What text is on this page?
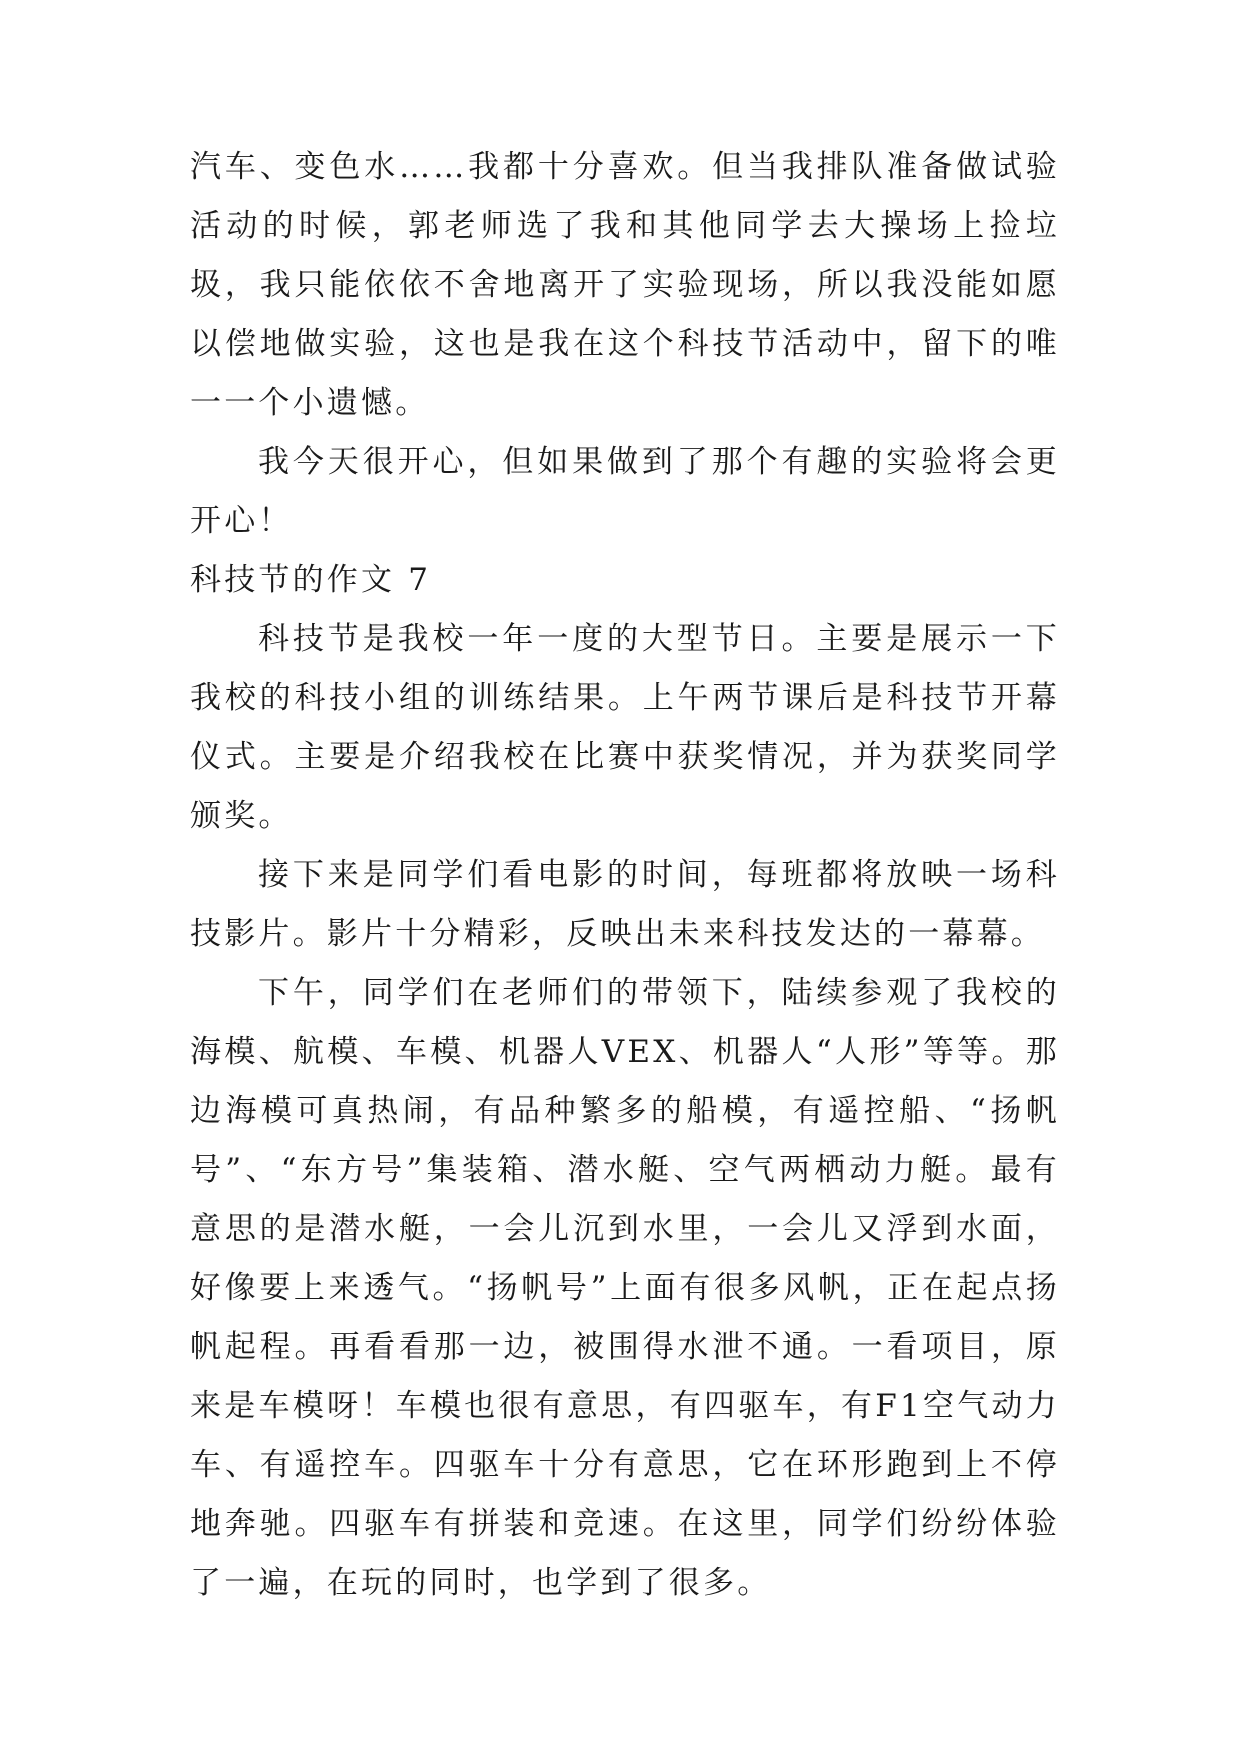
汽车、变色水……我都十分喜欢。但当我排队准备做试验活动的时候，郭老师选了我和其他同学去大操场上捡垃圾，我只能依依不舍地离开了实验现场，所以我没能如愿以偿地做实验，这也是我在这个科技节活动中，留下的唯一一个小遗憾。

我今天很开心，但如果做到了那个有趣的实验将会更开心！

科技节的作文 7

科技节是我校一年一度的大型节日。主要是展示一下我校的科技小组的训练结果。上午两节课后是科技节开幕仪式。主要是介绍我校在比赛中获奖情况，并为获奖同学颁奖。

接下来是同学们看电影的时间，每班都将放映一场科技影片。影片十分精彩，反映出未来科技发达的一幕幕。

下午，同学们在老师们的带领下，陆续参观了我校的海模、航模、车模、机器人VEX、机器人“人形”等等。那边海模可真热闹，有品种繁多的船模，有遥控船、“扬帆号”、“东方号”集装箱、潜水艇、空气两栖动力艇。最有意思的是潜水艇，一会儿沉到水里，一会儿又浮到水面，好像要上来透气。“扬帆号”上面有很多风帆，正在起点扬帆起程。再看看那一边，被围得水泄不通。一看项目，原来是车模呀！车模也很有意思，有四驱车，有F1空气动力车、有遥控车。四驱车十分有意思，它在环形跑到上不停地奔驰。四驱车有拼装和竞速。在这里，同学们纷纷体验了一遍，在玩的同时，也学到了很多。
